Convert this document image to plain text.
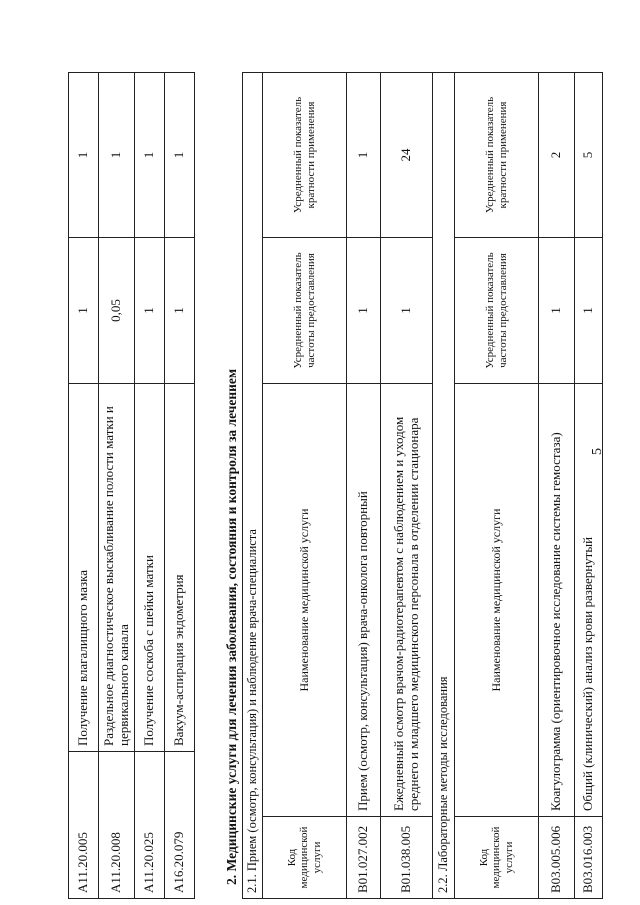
5
A11.20.005	Получение влагалищного мазка	1	1
A11.20.008	Раздельное диагностическое выскабливание полости матки и цервикального канала	0,05	1
A11.20.025	Получение соскоба с шейки матки	1	1
A16.20.079	Вакуум-аспирация эндометрия	1	1
2. Медицинские услуги для лечения заболевания, состояния и контроля за лечением 2.1. Прием (осмотр, консультация) и наблюдение врача-специалиста			
Код медицинской услуги	Наименование медицинской услуги	Усредненный показатель частоты предоставления	Усредненный показатель кратности применения
B01.027.002	Прием (осмотр, консультация) врача-онколога повторный	1	1
B01.038.005	Ежедневный осмотр врачом-радиотерапевтом с наблюдением и уходом среднего и младшего медицинского персонала в отделении стационара	1	24
2.2. Лабораторные методы исследования			
Код медицинской услуги	Наименование медицинской услуги	Усредненный показатель частоты предоставления	Усредненный показатель кратности применения
B03.005.006	Коагулограмма (ориентировочное исследование системы гемостаза)	1	2
B03.016.003	Общий (клинический) анализ крови развернутый	1	5
